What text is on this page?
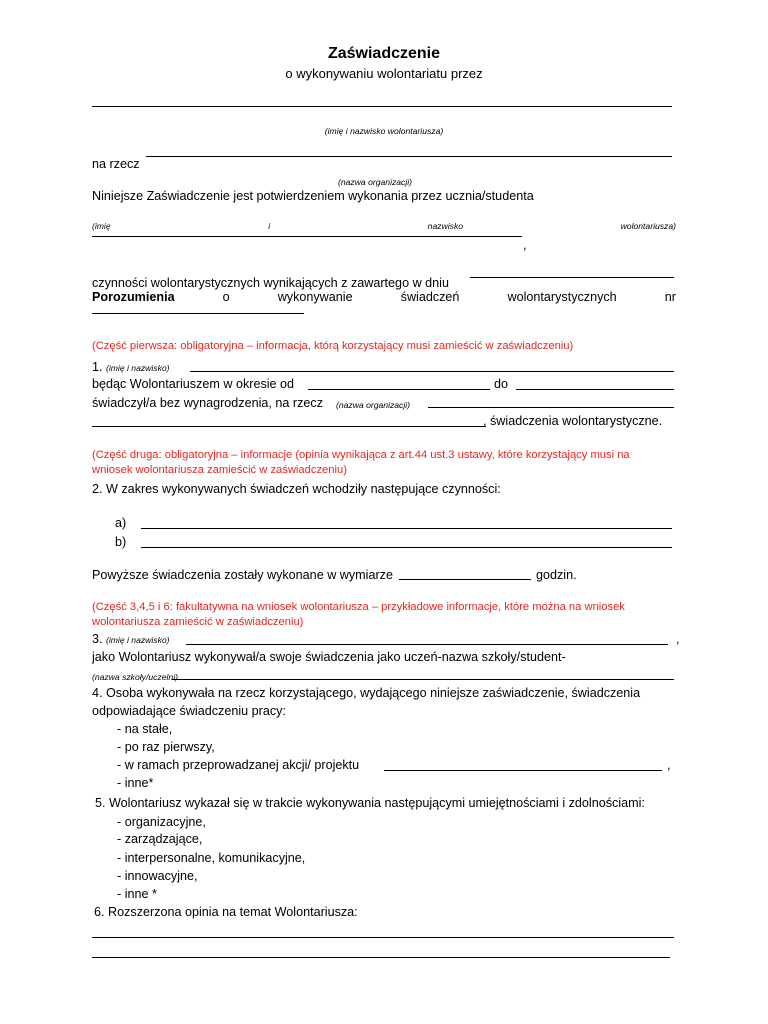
Zaświadczenie
o wykonywaniu wolontariatu przez
(imię i nazwisko wolontariusza)
na rzecz
(nazwa organizacji)
Niniejsze Zaświadczenie jest potwierdzeniem wykonania przez ucznia/studenta
(imię	i	nazwisko	wolontariusza)
,
czynności wolontarystycznych wynikających z zawartego w dniu
Porozumienia	o	wykonywanie	świadczeń	wolontarystycznych	nr
(Część pierwsza: obligatoryjna – informacja, którą korzystający musi zamieścić w zaświadczeniu)
1. (imię i nazwisko)
będąc Wolontariuszem w okresie od	do
świadczył/a bez wynagrodzenia, na rzecz (nazwa organizacji)
, świadczenia wolontarystyczne.
(Część druga: obligatoryjna – informacje (opinia wynikająca z art.44 ust.3 ustawy, które korzystający musi na
wniosek wolontariusza zamieścić w zaświadczeniu)
2. W zakres wykonywanych świadczeń wchodziły następujące czynności:
a)
b)
Powyższe świadczenia zostały wykonane w wymiarze	godzin.
(Część 3,4,5 i 6: fakultatywna na wniosek wolontariusza – przykładowe informacje, które można na wniosek
wolontariusza zamieścić w zaświadczeniu)
3. (imię i nazwisko)	,
jako Wolontariusz wykonywał/a swoje świadczenia jako uczeń-nazwa szkoły/student-
(nazwa szkoły/uczelni)
4. Osoba wykonywała na rzecz korzystającego, wydającego niniejsze zaświadczenie, świadczenia
odpowiadające świadczeniu pracy:
- na stałe,
- po raz pierwszy,
- w ramach przeprowadzanej akcji/ projektu	,
- inne*
5. Wolontariusz wykazał się w trakcie wykonywania następującymi umiejętnościami i zdolnościami:
- organizacyjne,
- zarządzające,
- interpersonalne, komunikacyjne,
- innowacyjne,
- inne *
6. Rozszerzona opinia na temat Wolontariusza:
